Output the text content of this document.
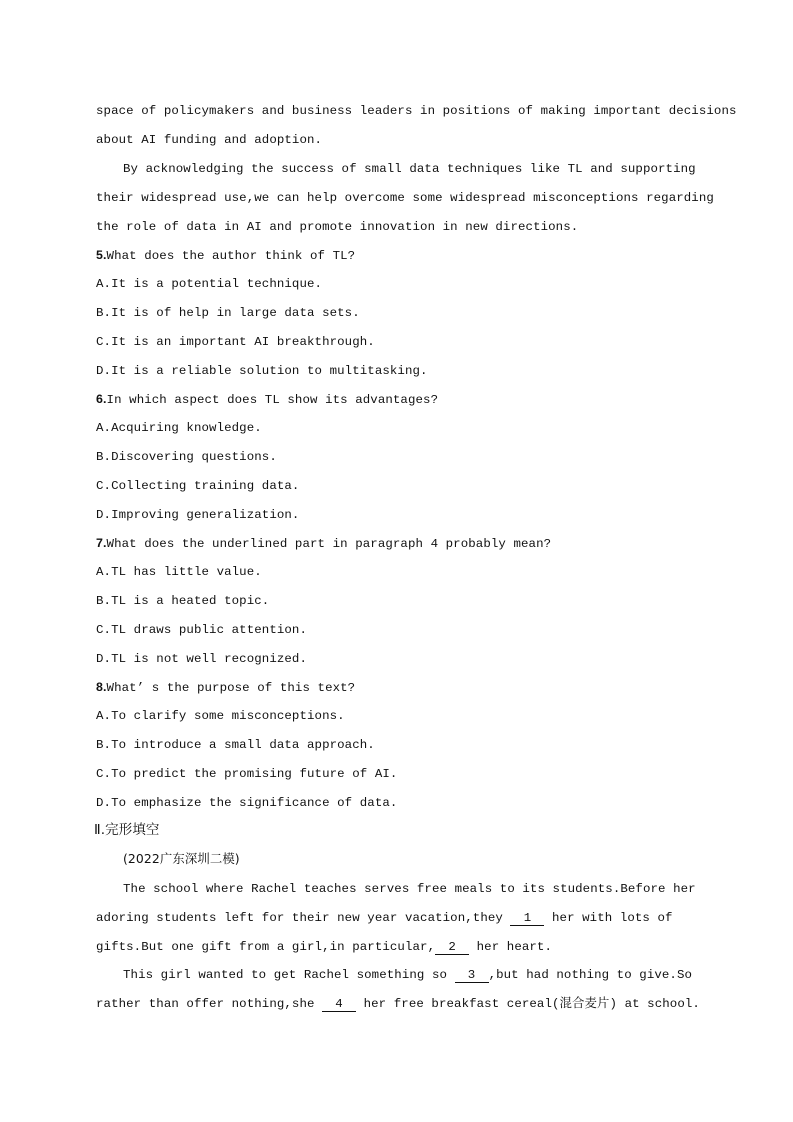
space of policymakers and business leaders in positions of making important decisions
about AI funding and adoption.
By acknowledging the success of small data techniques like TL and supporting
their widespread use,we can help overcome some widespread misconceptions regarding
the role of data in AI and promote innovation in new directions.
5.What does the author think of TL?
A.It is a potential technique.
B.It is of help in large data sets.
C.It is an important AI breakthrough.
D.It is a reliable solution to multitasking.
6.In which aspect does TL show its advantages?
A.Acquiring knowledge.
B.Discovering questions.
C.Collecting training data.
D.Improving generalization.
7.What does the underlined part in paragraph 4 probably mean?
A.TL has little value.
B.TL is a heated topic.
C.TL draws public attention.
D.TL is not well recognized.
8.What’ s the purpose of this text?
A.To clarify some misconceptions.
B.To introduce a small data approach.
C.To predict the promising future of AI.
D.To emphasize the significance of data.
Ⅱ.完形填空
(2022广东深圳二模)
The school where Rachel teaches serves free meals to its students.Before her
adoring students left for their new year vacation,they 1 her with lots of
gifts.But one gift from a girl,in particular, 2 her heart.
This girl wanted to get Rachel something so 3 ,but had nothing to give.So
rather than offer nothing,she 4 her free breakfast cereal(混合麦片) at school.
